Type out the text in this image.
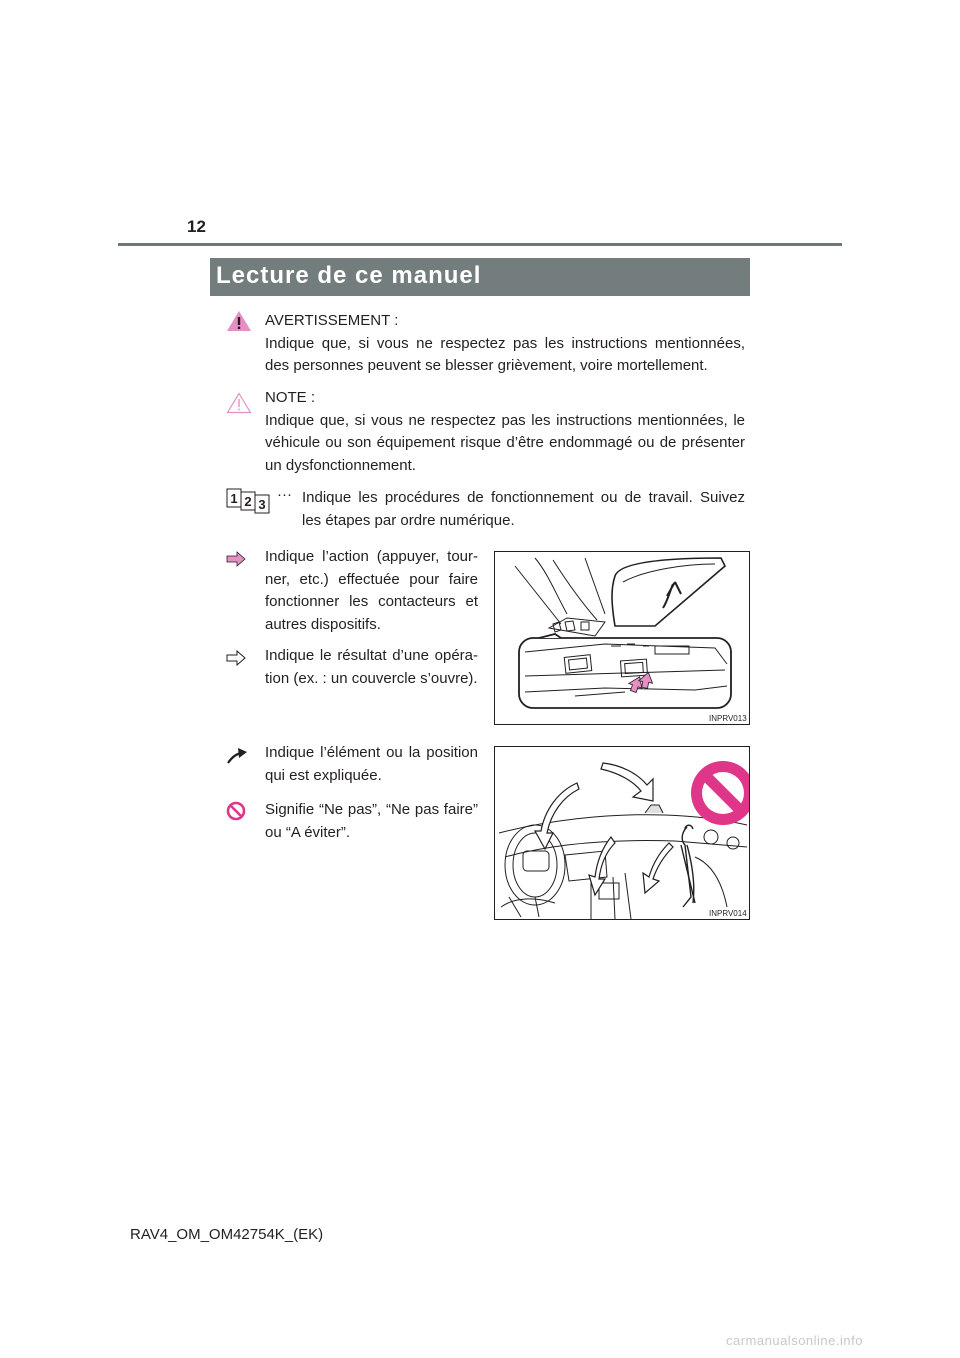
12
Lecture de ce manuel
AVERTISSEMENT :
Indique que, si vous ne respectez pas les instructions mentionnées,
des personnes peuvent se blesser grièvement, voire mortellement.
NOTE :
Indique que, si vous ne respectez pas les instructions mentionnées, le
véhicule ou son équipement risque d’être endommagé ou de présenter
un dysfonctionnement.
1 2 3
··· Indique les procédures de fonctionnement ou de travail. Suivez
les étapes par ordre numérique.
Indique l’action (appuyer, tour-
ner, etc.) effectuée pour faire
fonctionner les contacteurs et
autres dispositifs.
Indique le résultat d’une opéra-
tion (ex. : un couvercle s’ouvre).
INPRV013
Indique l’élément ou la position
qui est expliquée.
Signifie “Ne pas”, “Ne pas faire”
ou “A éviter”.
INPRV014
RAV4_OM_OM42754K_(EK)
carmanualsonline.info
